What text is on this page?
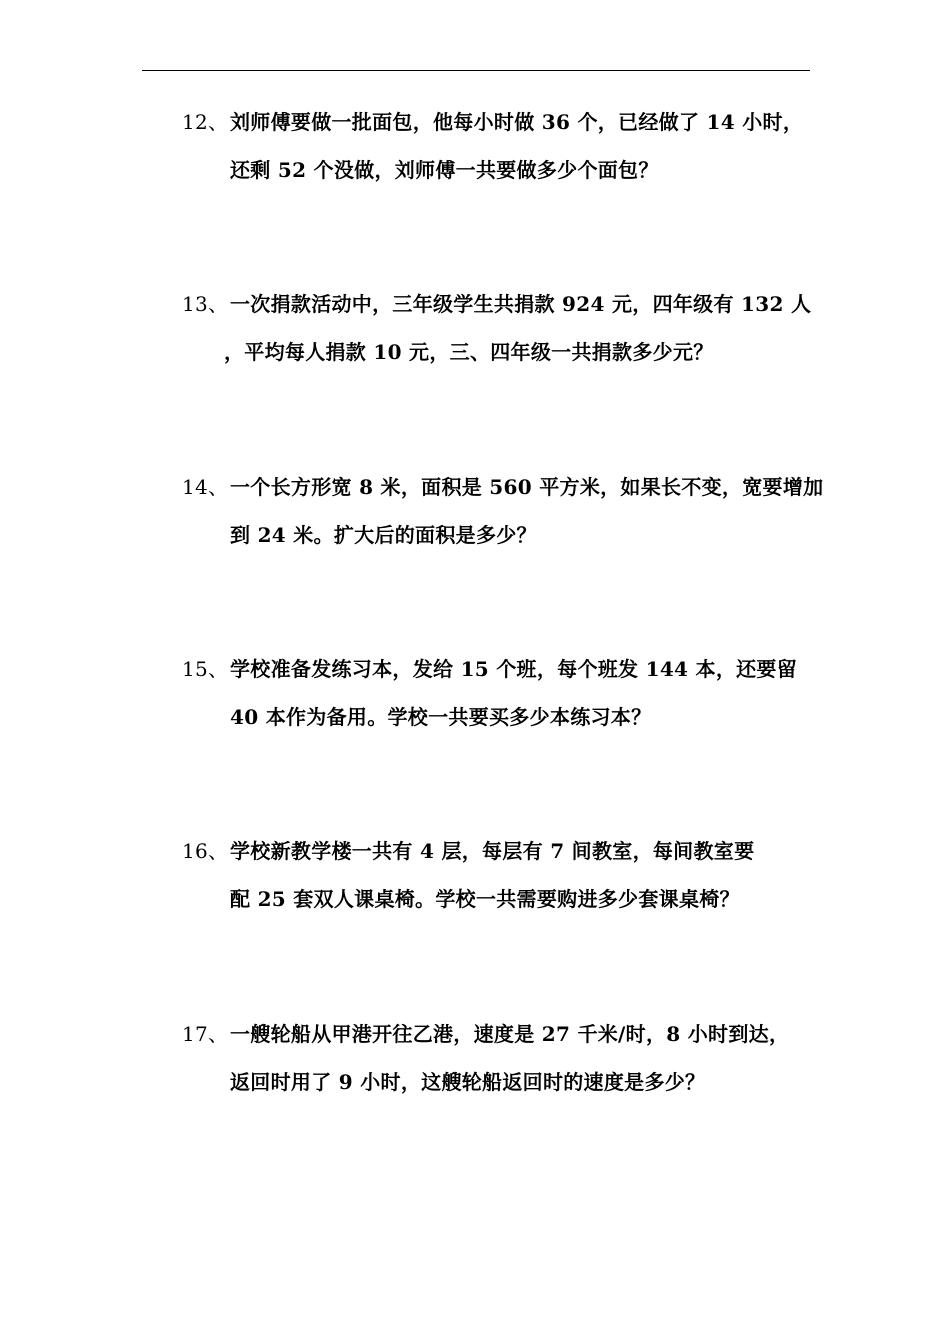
12、 刘师傅要做一批面包，他每小时做 36 个，已经做了 14 小时，
还剩 52 个没做，刘师傅一共要做多少个面包？
13、 一次捐款活动中，三年级学生共捐款 924 元，四年级有 132 人
，平均每人捐款 10 元，三、四年级一共捐款多少元？
14、 一个长方形宽 8 米，面积是 560 平方米，如果长不变，宽要增加
到 24 米。扩大后的面积是多少？
15、 学校准备发练习本，发给 15 个班，每个班发 144 本，还要留
40 本作为备用。学校一共要买多少本练习本？
16、 学校新教学楼一共有 4 层，每层有 7 间教室，每间教室要
配 25 套双人课桌椅。学校一共需要购进多少套课桌椅？
17、 一艘轮船从甲港开往乙港，速度是 27 千米/时，8 小时到达，
返回时用了 9 小时，这艘轮船返回时的速度是多少？
